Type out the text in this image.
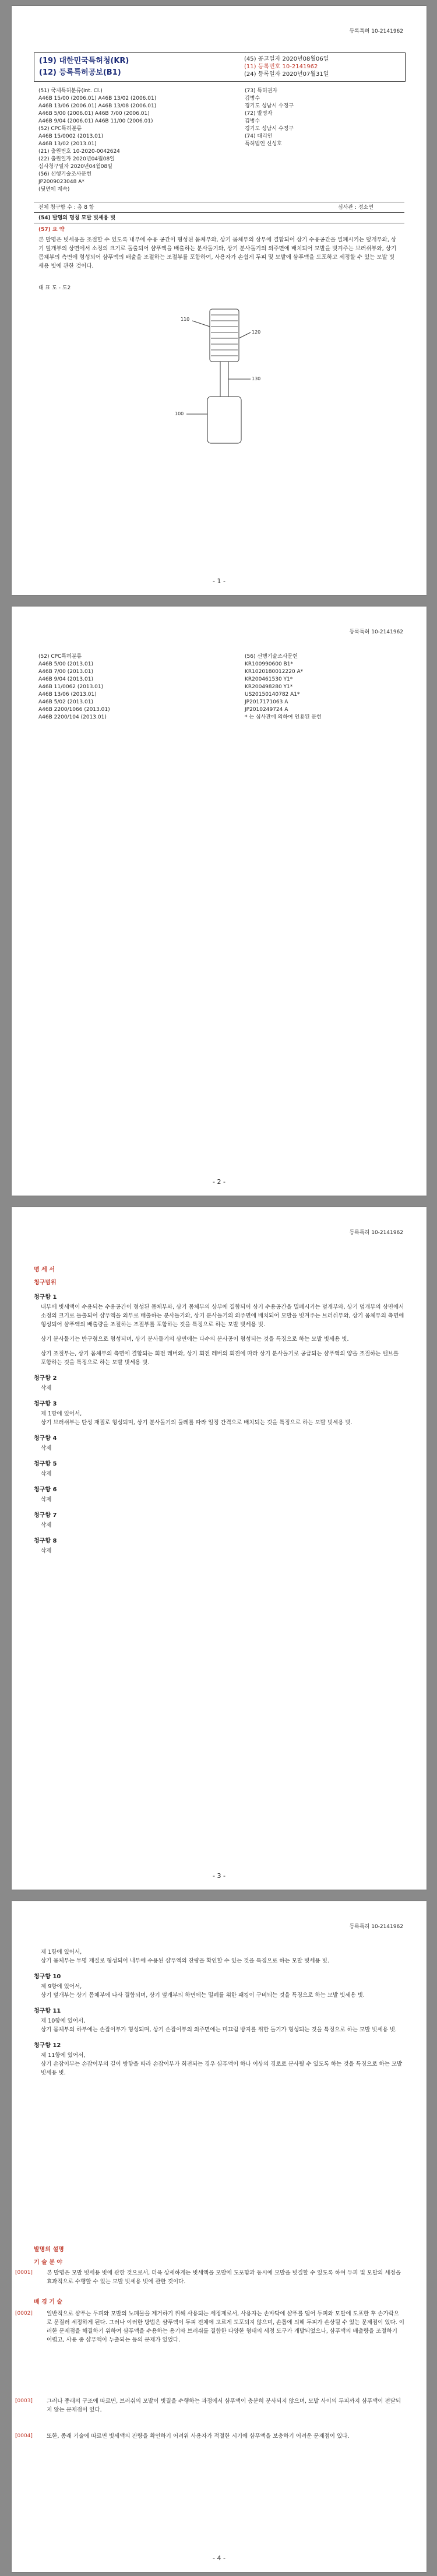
등록특허 10-2141962
(19) 대한민국특허청(KR)
(12) 등록특허공보(B1)
(45) 공고일자 2020년08월06일
(11) 등록번호 10-2141962
(24) 등록일자 2020년07월31일
(51) 국제특허분류(Int. Cl.)
A46B 15/00 (2006.01) A46B 13/02 (2006.01)
A46B 13/06 (2006.01) A46B 13/08 (2006.01)
A46B 5/00 (2006.01) A46B 7/00 (2006.01)
A46B 9/04 (2006.01) A46B 11/00 (2006.01)
(52) CPC특허분류
A46B 15/0002 (2013.01)
A46B 13/02 (2013.01)
(21) 출원번호 10-2020-0042624
(22) 출원일자 2020년04월08일
심사청구일자 2020년04월08일
(56) 선행기술조사문헌
JP2009023048 A*
(뒷면에 계속)
(73) 특허권자
김병수
경기도 성남시 수정구
(72) 발명자
김병수
경기도 성남시 수정구
(74) 대리인
특허법인 신성호
전체 청구항 수 : 총 8 항	심사관 : 정소연
(54) 발명의 명칭 모발 빗세용 빗
(57) 요 약
본 발명은 빗세용을 조절할 수 있도록 내부에 수용 공간이 형성된 몸체부와, 상기 몸체부의 상부에 결합되어 상기 수용공간을 밀폐시키는 덮개부와, 상기 덮개부의 상면에서 소정의 크기로 돌출되어 샴푸액을 배출하는 분사돌기와, 상기 분사돌기의 외주면에 배치되어 모발을 빗겨주는 브러쉬부와, 상기 몸체부의 측면에 형성되어 샴푸액의 배출을 조절하는 조절부를 포함하여, 사용자가 손쉽게 두피 및 모발에 샴푸액을 도포하고 세정할 수 있는 모발 빗세용 빗에 관한 것이다.
대 표 도 - 도2
110
120
130
100
- 1 -
등록특허 10-2141962
(52) CPC특허분류
A46B 5/00 (2013.01)
A46B 7/00 (2013.01)
A46B 9/04 (2013.01)
A46B 11/0062 (2013.01)
A46B 13/06 (2013.01)
A46B 5/02 (2013.01)
A46B 2200/1066 (2013.01)
A46B 2200/104 (2013.01)
(56) 선행기술조사문헌
KR100990600 B1*
KR1020180012220 A*
KR200461530 Y1*
KR200498280 Y1*
US20150140782 A1*
JP2017171063 A
JP2010249724 A
* 는 심사관에 의하여 인용된 문헌
- 2 -
등록특허 10-2141962
명 세 서
청구범위
청구항 1
내부에 빗세액이 수용되는 수용공간이 형성된 몸체부와, 상기 몸체부의 상부에 결합되어 상기 수용공간을 밀폐시키는 덮개부와, 상기 덮개부의 상면에서 소정의 크기로 돌출되어 샴푸액을 외부로 배출하는 분사돌기와, 상기 분사돌기의 외주면에 배치되어 모발을 빗겨주는 브러쉬부와, 상기 몸체부의 측면에 형성되어 샴푸액의 배출량을 조절하는 조절부를 포함하는 것을 특징으로 하는 모발 빗세용 빗.
상기 분사돌기는 반구형으로 형성되며, 상기 분사돌기의 상면에는 다수의 분사공이 형성되는 것을 특징으로 하는 모발 빗세용 빗.
상기 조절부는, 상기 몸체부의 측면에 결합되는 회전 레버와, 상기 회전 레버의 회전에 따라 상기 분사돌기로 공급되는 샴푸액의 양을 조절하는 밸브를 포함하는 것을 특징으로 하는 모발 빗세용 빗.
청구항 2
삭제
청구항 3
제 1항에 있어서,
상기 브러쉬부는 탄성 재질로 형성되며, 상기 분사돌기의 둘레를 따라 일정 간격으로 배치되는 것을 특징으로 하는 모발 빗세용 빗.
청구항 4
삭제
청구항 5
삭제
청구항 6
삭제
청구항 7
삭제
청구항 8
삭제
- 3 -
등록특허 10-2141962
제 1항에 있어서,
상기 몸체부는 투명 재질로 형성되어 내부에 수용된 샴푸액의 잔량을 확인할 수 있는 것을 특징으로 하는 모발 빗세용 빗.
청구항 10
제 9항에 있어서,
상기 덮개부는 상기 몸체부에 나사 결합되며, 상기 덮개부의 하면에는 밀폐를 위한 패킹이 구비되는 것을 특징으로 하는 모발 빗세용 빗.
청구항 11
제 10항에 있어서,
상기 몸체부의 하부에는 손잡이부가 형성되며, 상기 손잡이부의 외주면에는 미끄럼 방지를 위한 돌기가 형성되는 것을 특징으로 하는 모발 빗세용 빗.
청구항 12
제 11항에 있어서,
상기 손잡이부는 손잡이부의 길이 방향을 따라 손잡이부가 회전되는 경우 샴푸액이 하나 이상의 경로로 분사될 수 있도록 하는 것을 특징으로 하는 모발 빗세용 빗.
발명의 설명
기 술 분 야
[0001]	본 발명은 모발 빗세용 빗에 관한 것으로서, 더욱 상세하게는 빗세액을 모발에 도포함과 동시에 모발을 빗질할 수 있도록 하여 두피 및 모발의 세정을 효과적으로 수행할 수 있는 모발 빗세용 빗에 관한 것이다.
배 경 기 술
[0002]	일반적으로 샴푸는 두피와 모발의 노폐물을 제거하기 위해 사용되는 세정제로서, 사용자는 손바닥에 샴푸를 덜어 두피와 모발에 도포한 후 손가락으로 문질러 세정하게 된다. 그러나 이러한 방법은 샴푸액이 두피 전체에 고르게 도포되지 않으며, 손톱에 의해 두피가 손상될 수 있는 문제점이 있다. 이러한 문제점을 해결하기 위하여 샴푸액을 수용하는 용기와 브러쉬를 결합한 다양한 형태의 세정 도구가 개발되었으나, 샴푸액의 배출량을 조절하기 어렵고, 사용 중 샴푸액이 누출되는 등의 문제가 있었다.
[0003]	그러나 종래의 구조에 따르면, 브러쉬의 모발이 빗질을 수행하는 과정에서 샴푸액이 충분히 분사되지 않으며, 모발 사이의 두피까지 샴푸액이 전달되지 않는 문제점이 있다.
[0004]	또한, 종래 기술에 따르면 빗세액의 잔량을 확인하기 어려워 사용자가 적절한 시기에 샴푸액을 보충하기 어려운 문제점이 있다.
- 4 -
